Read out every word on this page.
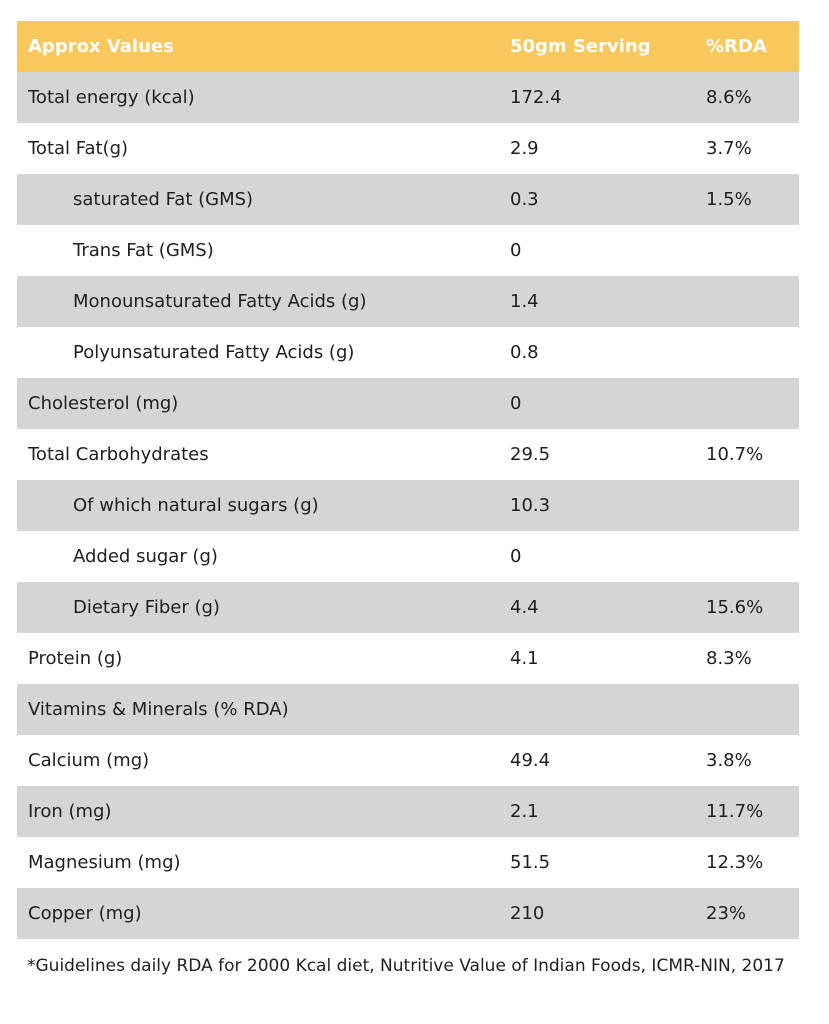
Approx Values	50gm Serving	%RDA
Total energy (kcal)	172.4	8.6%
Total Fat(g)	2.9	3.7%
saturated Fat (GMS)	0.3	1.5%
Trans Fat (GMS)	0
Monounsaturated Fatty Acids (g)	1.4
Polyunsaturated Fatty Acids (g)	0.8
Cholesterol (mg)	0
Total Carbohydrates	29.5	10.7%
Of which natural sugars (g)	10.3
Added sugar (g)	0
Dietary Fiber (g)	4.4	15.6%
Protein (g)	4.1	8.3%
Vitamins & Minerals (% RDA)
Calcium (mg)	49.4	3.8%
Iron (mg)	2.1	11.7%
Magnesium (mg)	51.5	12.3%
Copper (mg)	210	23%
*Guidelines daily RDA for 2000 Kcal diet, Nutritive Value of Indian Foods, ICMR-NIN, 2017
